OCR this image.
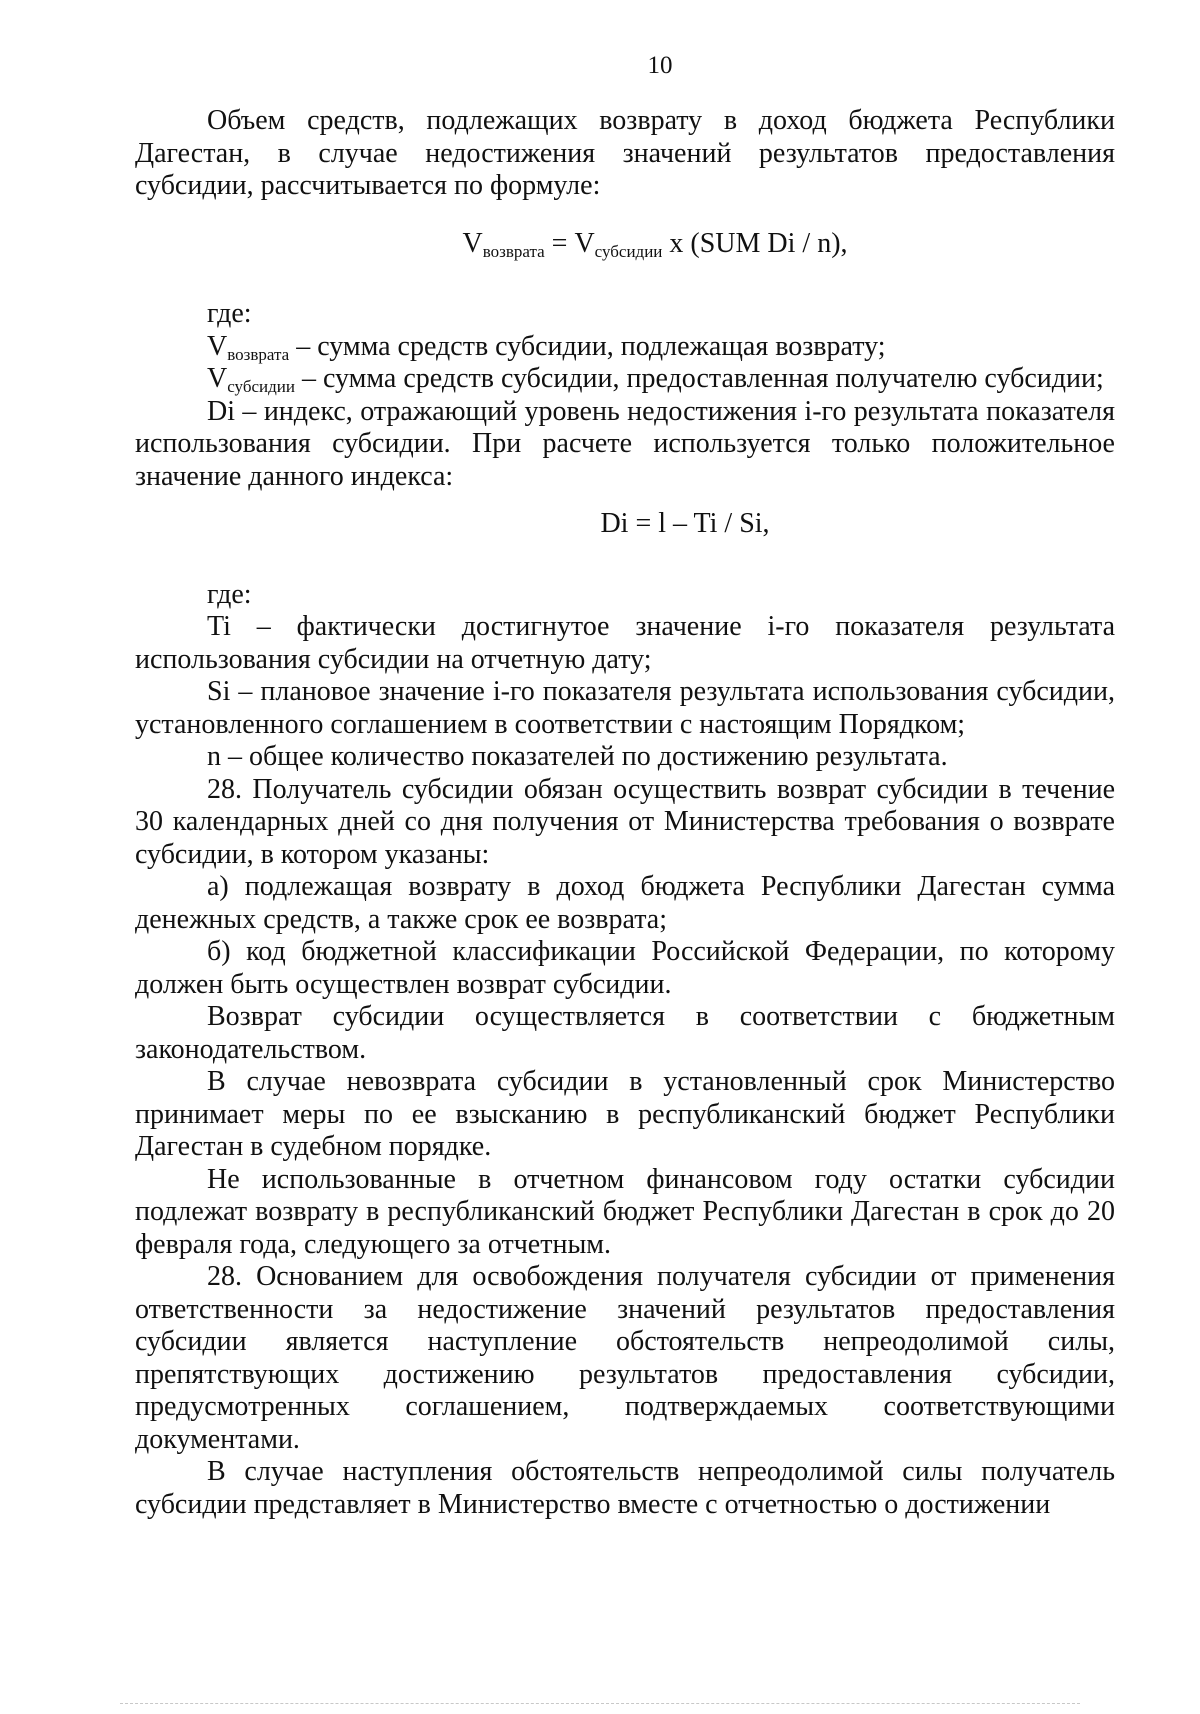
10

Объем средств, подлежащих возврату в доход бюджета Республики Дагестан, в случае недостижения значений результатов предоставления субсидии, рассчитывается по формуле:

$V_{возврата} = V_{субсидии}$ x (SUM Di / n),

где:

$V_{возврата}$ – сумма средств субсидии, подлежащая возврату;

$V_{субсидии}$ – сумма средств субсидии, предоставленная получателю субсидии;

Di – индекс, отражающий уровень недостижения i-го результата показателя использования субсидии. При расчете используется только положительное значение данного индекса:

Di = l – Ti / Si,

где:

Ti – фактически достигнутое значение i-го показателя результата использования субсидии на отчетную дату;

Si – плановое значение i-го показателя результата использования субсидии, установленного соглашением в соответствии с настоящим Порядком;

n – общее количество показателей по достижению результата.

28. Получатель субсидии обязан осуществить возврат субсидии в течение 30 календарных дней со дня получения от Министерства требования о возврате субсидии, в котором указаны:

а) подлежащая возврату в доход бюджета Республики Дагестан сумма денежных средств, а также срок ее возврата;

б) код бюджетной классификации Российской Федерации, по которому должен быть осуществлен возврат субсидии.

Возврат субсидии осуществляется в соответствии с бюджетным законодательством.

В случае невозврата субсидии в установленный срок Министерство принимает меры по ее взысканию в республиканский бюджет Республики Дагестан в судебном порядке.

Не использованные в отчетном финансовом году остатки субсидии подлежат возврату в республиканский бюджет Республики Дагестан в срок до 20 февраля года, следующего за отчетным.

28. Основанием для освобождения получателя субсидии от применения ответственности за недостижение значений результатов предоставления субсидии является наступление обстоятельств непреодолимой силы, препятствующих достижению результатов предоставления субсидии, предусмотренных соглашением, подтверждаемых соответствующими документами.

В случае наступления обстоятельств непреодолимой силы получатель субсидии представляет в Министерство вместе с отчетностью о достижении
